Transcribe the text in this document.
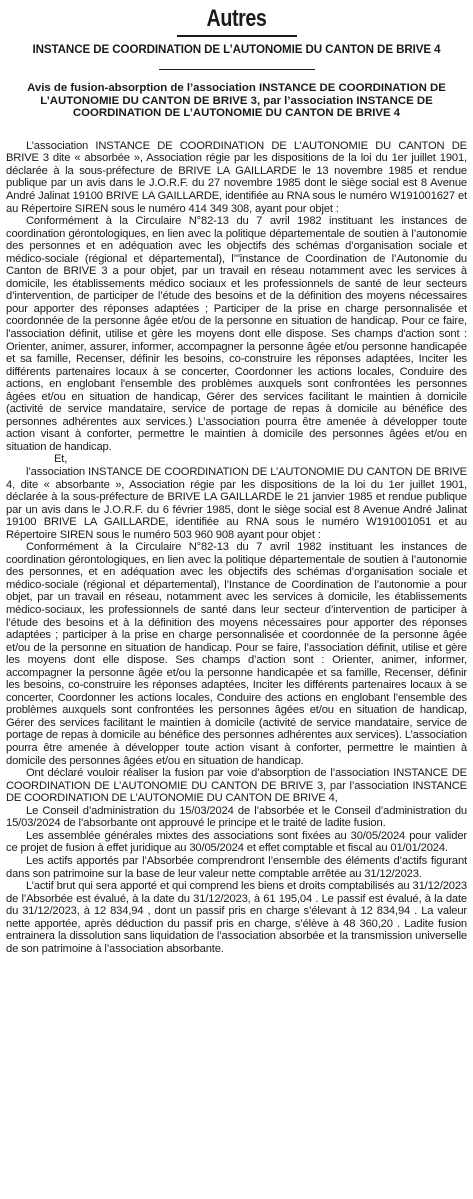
Autres
INSTANCE DE COORDINATION DE L’AUTONOMIE DU CANTON DE BRIVE 4
Avis de fusion-absorption de l’association INSTANCE DE COORDINATION DE L’AUTONOMIE DU CANTON DE BRIVE 3, par l’association INSTANCE DE COORDINATION DE L’AUTONOMIE DU CANTON DE BRIVE 4

L’association INSTANCE DE COORDINATION DE L’AUTONOMIE DU CANTON DE BRIVE 3 dite « absorbée », Association régie par les dispositions de la loi du 1er juillet 1901, déclarée à la sous-préfecture de BRIVE LA GAILLARDE le 13 novembre 1985 et rendue publique par un avis dans le J.O.R.F. du 27 novembre 1985 dont le siège social est 8 Avenue André Jalinat 19100 BRIVE LA GAILLARDE, identifiée au RNA sous le numéro W191001627 et au Répertoire SIREN sous le numéro 414 349 308, ayant pour objet :

Conformément à la Circulaire N°82-13 du 7 avril 1982 instituant les instances de coordination gérontologiques, en lien avec la politique départementale de soutien à l’autonomie des personnes et en adéquation avec les objectifs des schémas d’organisation sociale et médico-sociale (régional et départemental), l’"instance de Coordination de l’Autonomie du Canton de BRIVE 3 a pour objet, par un travail en réseau notamment avec les services à domicile, les établissements médico sociaux et les professionnels de santé de leur secteurs d’intervention, de participer de l’étude des besoins et de la définition des moyens nécessaires pour apporter des réponses adaptées ; Participer de la prise en charge personnalisée et coordonnée de la personne âgée et/ou de la personne en situation de handicap. Pour ce faire, l'association définit, utilise et gère les moyens dont elle dispose. Ses champs d'action sont : Orienter, animer, assurer, informer, accompagner la personne âgée et/ou personne handicapée et sa famille, Recenser, définir les besoins, co-construire les réponses adaptées, Inciter les différents partenaires locaux à se concerter, Coordonner les actions locales, Conduire des actions, en englobant l'ensemble des problèmes auxquels sont confrontées les personnes âgées et/ou en situation de handicap, Gérer des services facilitant le maintien à domicile (activité de service mandataire, service de portage de repas à domicile au bénéfice des personnes adhérentes aux services.) L’association pourra être amenée à développer toute action visant à conforter, permettre le maintien à domicile des personnes âgées et/ou en situation de handicap.

Et,

l’association INSTANCE DE COORDINATION DE L’AUTONOMIE DU CANTON DE BRIVE 4, dite « absorbante », Association régie par les dispositions de la loi du 1er juillet 1901, déclarée à la sous-préfecture de BRIVE LA GAILLARDE le 21 janvier 1985 et rendue publique par un avis dans le J.O.R.F. du 6 février 1985, dont le siège social est 8 Avenue André Jalinat 19100 BRIVE LA GAILLARDE, identifiée au RNA sous le numéro W191001051 et au Répertoire SIREN sous le numéro 503 960 908 ayant pour objet :

Conformément à la Circulaire N°82-13 du 7 avril 1982 instituant les instances de coordination gérontologiques, en lien avec la politique départementale de soutien à l’autonomie des personnes, et en adéquation avec les objectifs des schémas d’organisation sociale et médico-sociale (régional et départemental), l’Instance de Coordination de l’autonomie a pour objet, par un travail en réseau, notamment avec les services à domicile, les établissements médico-sociaux, les professionnels de santé dans leur secteur d’intervention de participer à l’étude des besoins et à la définition des moyens nécessaires pour apporter des réponses adaptées ; participer à la prise en charge personnalisée et coordonnée de la personne âgée et/ou de la personne en situation de handicap. Pour se faire, l’association définit, utilise et gère les moyens dont elle dispose. Ses champs d’action sont : Orienter, animer, informer, accompagner la personne âgée et/ou la personne handicapée et sa famille, Recenser, définir les besoins, co-construire les réponses adaptées, Inciter les différents partenaires locaux à se concerter, Coordonner les actions locales, Conduire des actions en englobant l’ensemble des problèmes auxquels sont confrontées les personnes âgées et/ou en situation de handicap, Gérer des services facilitant le maintien à domicile (activité de service mandataire, service de portage de repas à domicile au bénéfice des personnes adhérentes aux services). L’association pourra être amenée à développer toute action visant à conforter, permettre le maintien à domicile des personnes âgées et/ou en situation de handicap.

Ont déclaré vouloir réaliser la fusion par voie d’absorption de l’association INSTANCE DE COORDINATION DE L’AUTONOMIE DU CANTON DE BRIVE 3, par l’association INSTANCE DE COORDINATION DE L’AUTONOMIE DU CANTON DE BRIVE 4,

Le Conseil d’administration du 15/03/2024 de l’absorbée et le Conseil d’administration du 15/03/2024 de l’absorbante ont approuvé le principe et le traité de ladite fusion.

Les assemblée générales mixtes des associations sont fixées au 30/05/2024 pour valider ce projet de fusion à effet juridique au 30/05/2024 et effet comptable et fiscal au 01/01/2024.

Les actifs apportés par l’Absorbée comprendront l’ensemble des éléments d’actifs figurant dans son patrimoine sur la base de leur valeur nette comptable arrêtée au 31/12/2023.

L’actif brut qui sera apporté et qui comprend les biens et droits comptabilisés au 31/12/2023 de l’Absorbée est évalué, à la date du 31/12/2023, à 61 195,04 . Le passif est évalué, à la date du 31/12/2023, à 12 834,94 , dont un passif pris en charge s’élevant à 12 834,94 . La valeur nette apportée, après déduction du passif pris en charge, s’élève à 48 360,20 . Ladite fusion entrainera la dissolution sans liquidation de l’association absorbée et la transmission universelle de son patrimoine à l’association absorbante.
